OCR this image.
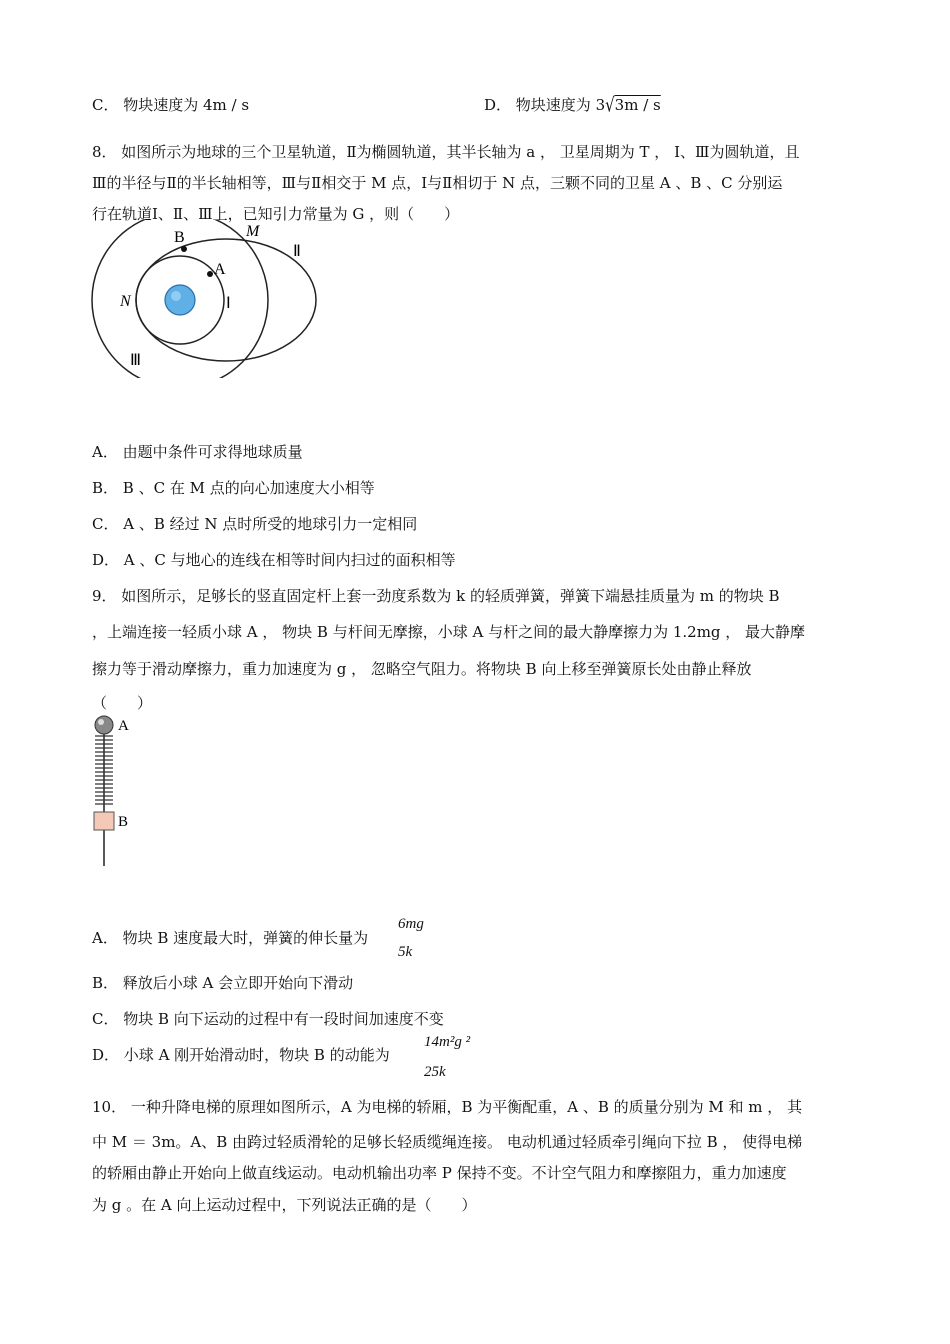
C． 物块速度为 4m / s	D． 物块速度为 3√3m / s
8． 如图所示为地球的三个卫星轨道，Ⅱ为椭圆轨道，其半长轴为 a ， 卫星周期为 T ， Ⅰ、Ⅲ为圆轨道，且
Ⅲ的半径与Ⅱ的半长轴相等，Ⅲ与Ⅱ相交于 M 点，Ⅰ与Ⅱ相切于 N 点，三颗不同的卫星 A 、B 、C 分别运
行在轨道Ⅰ、Ⅱ、Ⅲ上，已知引力常量为 G ，则（　　）
B	M
Ⅱ
A
N	Ⅰ
Ⅲ
A． 由题中条件可求得地球质量
B． B 、C 在 M 点的向心加速度大小相等
C． A 、B 经过 N 点时所受的地球引力一定相同
D． A 、C 与地心的连线在相等时间内扫过的面积相等
9． 如图所示，足够长的竖直固定杆上套一劲度系数为 k 的轻质弹簧，弹簧下端悬挂质量为 m 的物块 B
，上端连接一轻质小球 A ， 物块 B 与杆间无摩擦，小球 A 与杆之间的最大静摩擦力为 1.2mg ， 最大静摩
擦力等于滑动摩擦力，重力加速度为 g ， 忽略空气阻力。将物块 B 向上移至弹簧原长处由静止释放
（　　）
A
B
A． 物块 B 速度最大时，弹簧的伸长量为
6mg
5k
B． 释放后小球 A 会立即开始向下滑动
C． 物块 B 向下运动的过程中有一段时间加速度不变
D． 小球 A 刚开始滑动时，物块 B 的动能为
14m²g ²
25k
10． 一种升降电梯的原理如图所示，A 为电梯的轿厢，B 为平衡配重，A 、B 的质量分别为 M 和 m ， 其
中 M ＝ 3m。A、B 由跨过轻质滑轮的足够长轻质缆绳连接。 电动机通过轻质牵引绳向下拉 B ， 使得电梯
的轿厢由静止开始向上做直线运动。电动机输出功率 P 保持不变。不计空气阻力和摩擦阻力，重力加速度
为 g 。在 A 向上运动过程中，下列说法正确的是（　　）
